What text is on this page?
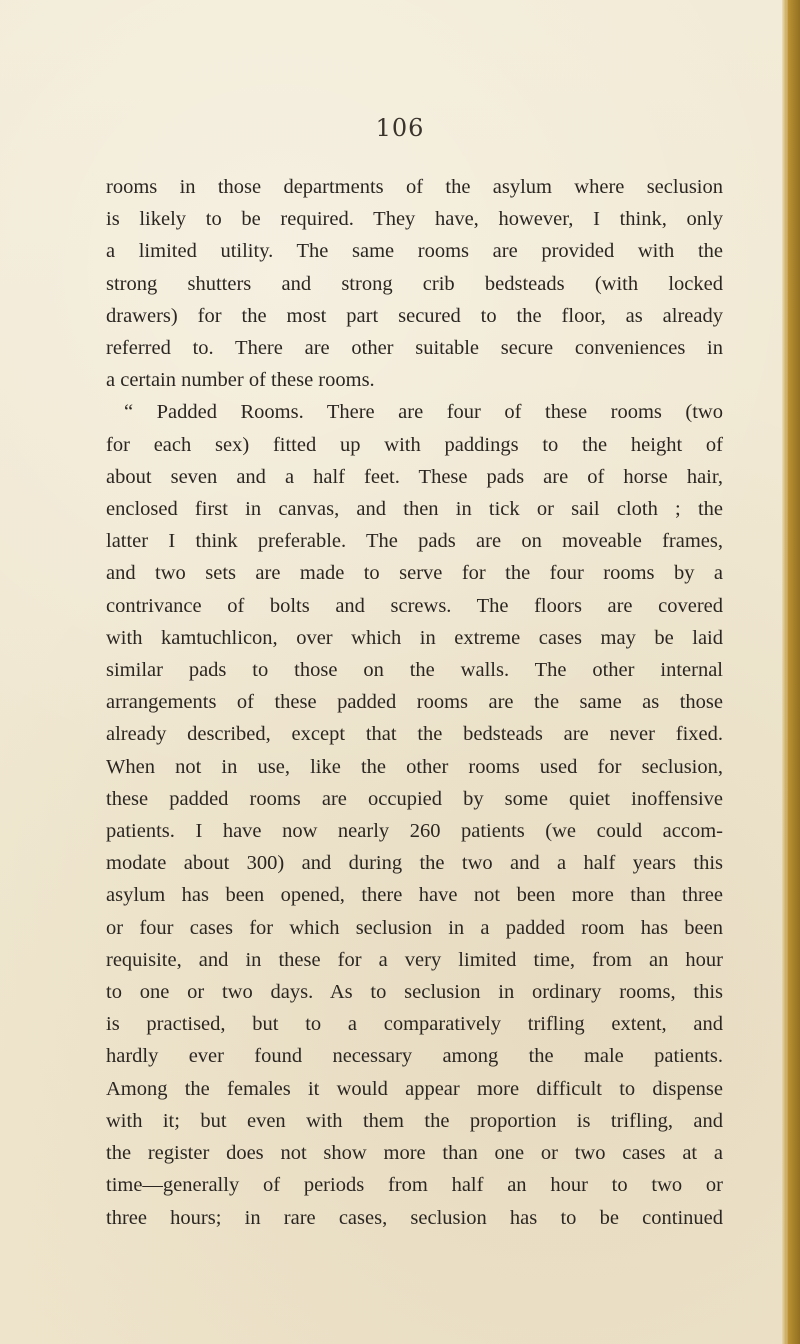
106
rooms in those departments of the asylum where seclusion
is likely to be required. They have, however, I think, only
a limited utility. The same rooms are provided with the
strong shutters and strong crib bedsteads (with locked
drawers) for the most part secured to the floor, as already
referred to. There are other suitable secure conveniences in
a certain number of these rooms.
“ Padded Rooms. There are four of these rooms (two
for each sex) fitted up with paddings to the height of
about seven and a half feet. These pads are of horse hair,
enclosed first in canvas, and then in tick or sail cloth ; the
latter I think preferable. The pads are on moveable frames,
and two sets are made to serve for the four rooms by a
contrivance of bolts and screws. The floors are covered
with kamtuchlicon, over which in extreme cases may be laid
similar pads to those on the walls. The other internal
arrangements of these padded rooms are the same as those
already described, except that the bedsteads are never fixed.
When not in use, like the other rooms used for seclusion,
these padded rooms are occupied by some quiet inoffensive
patients. I have now nearly 260 patients (we could accom-
modate about 300) and during the two and a half years this
asylum has been opened, there have not been more than three
or four cases for which seclusion in a padded room has been
requisite, and in these for a very limited time, from an hour
to one or two days. As to seclusion in ordinary rooms, this
is practised, but to a comparatively trifling extent, and
hardly ever found necessary among the male patients.
Among the females it would appear more difficult to dispense
with it; but even with them the proportion is trifling, and
the register does not show more than one or two cases at a
time—generally of periods from half an hour to two or
three hours; in rare cases, seclusion has to be continued
